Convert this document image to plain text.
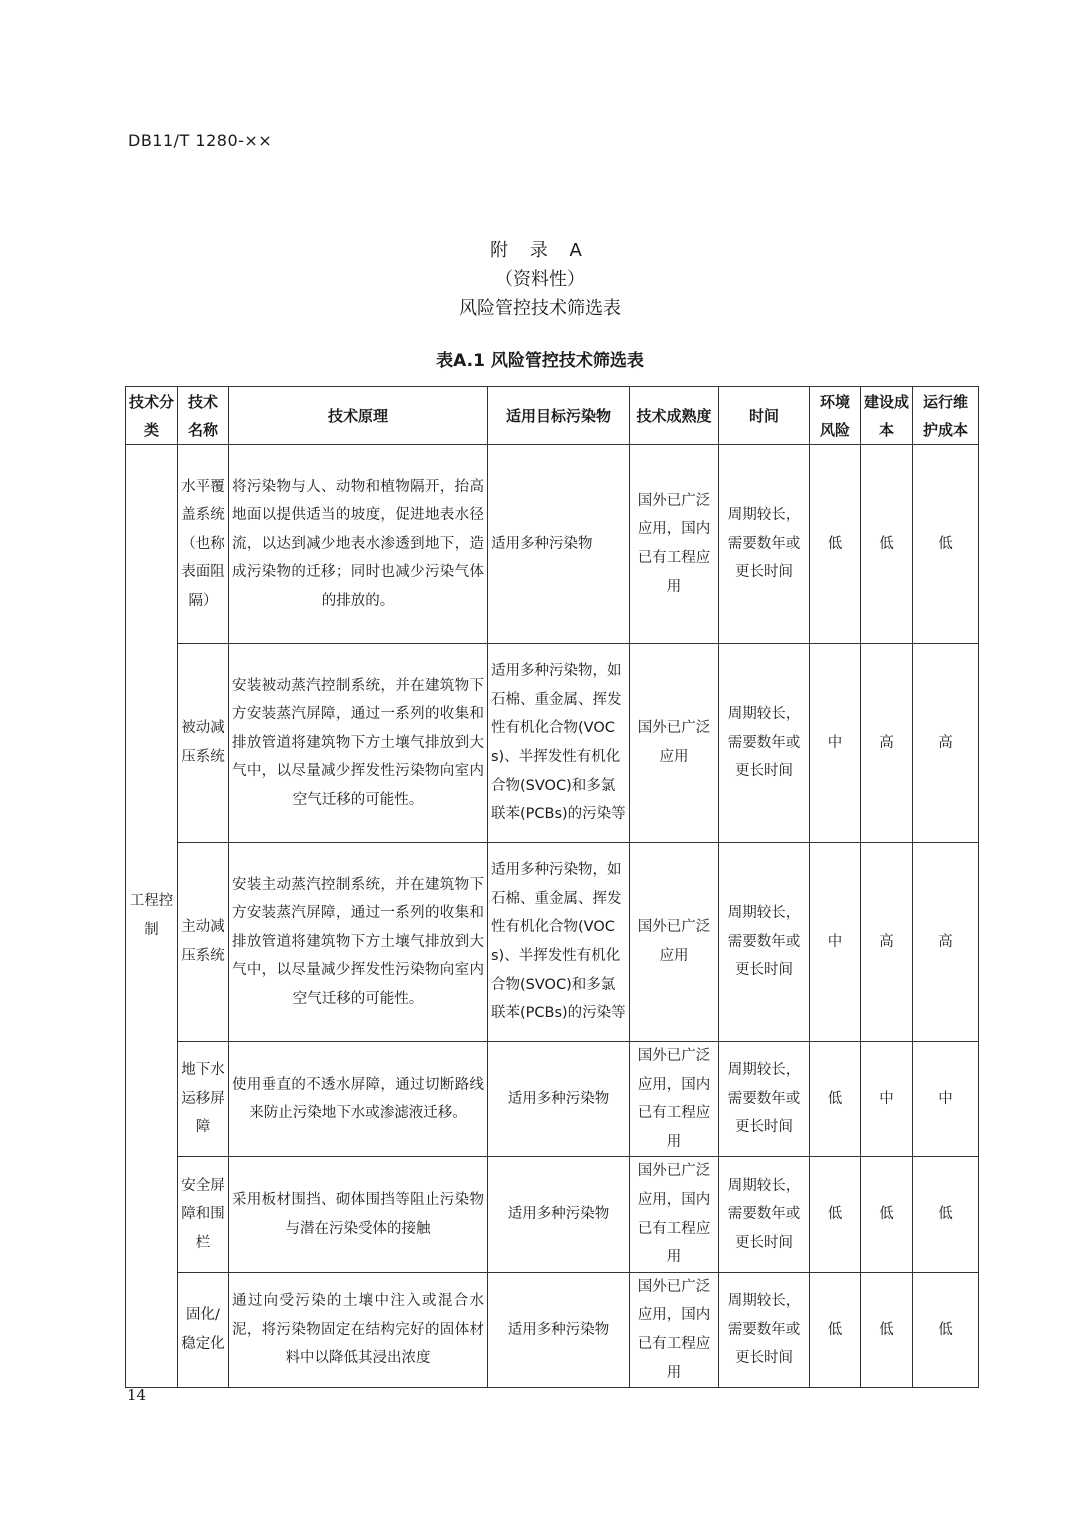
DB11/T 1280-××
附 录 A
（资料性）
风险管控技术筛选表
表A.1 风险管控技术筛选表
技术分类	技术名称	技术原理	适用目标污染物	技术成熟度	时间	环境风险	建设成本	运行维护成本
工程控制	水平覆盖系统（也称表面阻隔）	将污染物与人、动物和植物隔开，抬高地面以提供适当的坡度，促进地表水径流，以达到减少地表水渗透到地下，造成污染物的迁移；同时也减少污染气体的排放的。	适用多种污染物	国外已广泛应用，国内已有工程应用	周期较长，需要数年或更长时间	低	低	低
	被动减压系统	安装被动蒸汽控制系统，并在建筑物下方安装蒸汽屏障，通过一系列的收集和排放管道将建筑物下方土壤气排放到大气中，以尽量减少挥发性污染物向室内空气迁移的可能性。	适用多种污染物，如石棉、重金属、挥发性有机化合物(VOCs)、半挥发性有机化合物(SVOC)和多氯联苯(PCBs)的污染等	国外已广泛应用	周期较长，需要数年或更长时间	中	高	高
	主动减压系统	安装主动蒸汽控制系统，并在建筑物下方安装蒸汽屏障，通过一系列的收集和排放管道将建筑物下方土壤气排放到大气中，以尽量减少挥发性污染物向室内空气迁移的可能性。	适用多种污染物，如石棉、重金属、挥发性有机化合物(VOCs)、半挥发性有机化合物(SVOC)和多氯联苯(PCBs)的污染等	国外已广泛应用	周期较长，需要数年或更长时间	中	高	高
	地下水运移屏障	使用垂直的不透水屏障，通过切断路线来防止污染地下水或渗滤液迁移。	适用多种污染物	国外已广泛应用，国内已有工程应用	周期较长，需要数年或更长时间	低	中	中
	安全屏障和围栏	采用板材围挡、砌体围挡等阻止污染物与潜在污染受体的接触	适用多种污染物	国外已广泛应用，国内已有工程应用	周期较长，需要数年或更长时间	低	低	低
	固化/稳定化	通过向受污染的土壤中注入或混合水泥，将污染物固定在结构完好的固体材料中以降低其浸出浓度	适用多种污染物	国外已广泛应用，国内已有工程应用	周期较长，需要数年或更长时间	低	低	低
14
